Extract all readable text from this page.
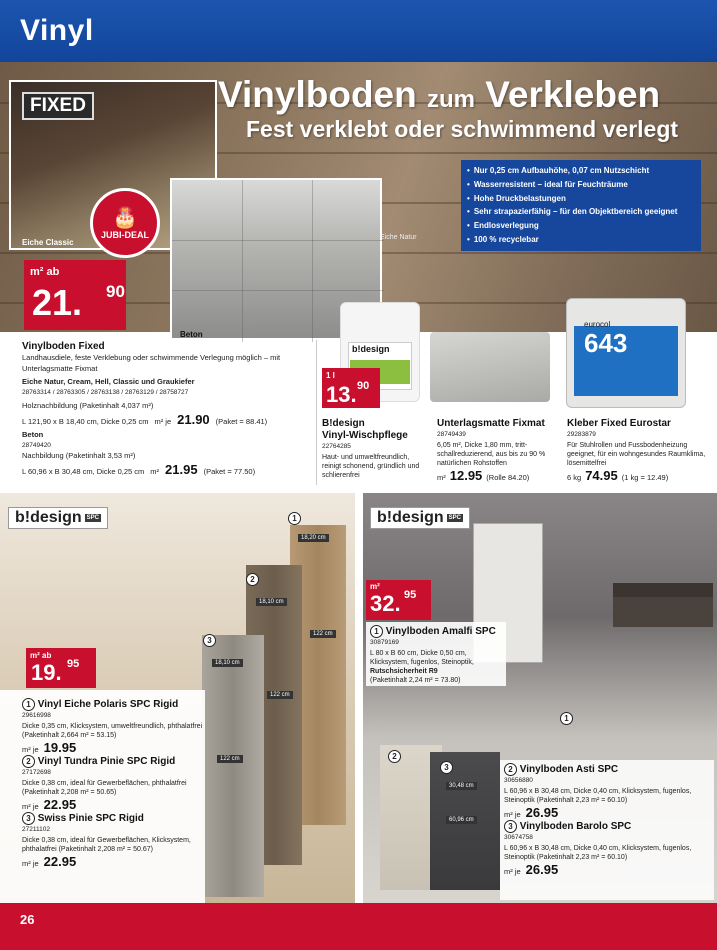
Vinyl
Vinylboden zum Verkleben
Fest verklebt oder schwimmend verlegt
• Nur 0,25 cm Aufbauhöhe, 0,07 cm Nutzschicht
• Wasserresistent – ideal für Feuchträume
• Hohe Druckbelastungen
• Sehr strapazierfähig – für den Objektbereich geeignet
• Endlosverlegung
• 100 % recyclebar
FIXED
Eiche Classic
Eiche Natur
Beton
🎂
JUBI-DEAL
m² ab
21. 90
Vinylboden Fixed
Landhausdiele, feste Verklebung oder schwimmende Verlegung möglich – mit Unterlagsmatte Fixmat
Eiche Natur, Cream, Hell, Classic und Graukiefer
28763314 / 28763305 / 28763138 / 28763129 / 28758727
Holznachbildung (Paketinhalt 4,037 m²)
L 121,90 x B 18,40 cm, Dicke 0,25 cm m² je 21.90 (Paket = 88.41)
Beton
28749420
Nachbildung (Paketinhalt 3,53 m²)
L 60,96 x B 30,48 cm, Dicke 0,25 cm m² 21.95 (Paket = 77.50)
b!design
1 l
13. 90
B!design
Vinyl-Wischpflege
22764285
Haut- und umweltfreundlich, reinigt schonend, gründlich und schlierenfrei
Unterlagsmatte Fixmat
28749439
6,05 m², Dicke 1,80 mm, tritt-schallreduzierend, aus bis zu 90 % natürlichen Rohstoffen
m² 12.95 (Rolle 84.20)
eurocol
643
Kleber Fixed Eurostar
29283879
Für Stuhlrollen und Fussbodenheizung geeignet, für ein wohngesundes Raumklima, lösemittelfrei
6 kg 74.95 (1 kg = 12.49)
b!design SPC	1
2
3
18,20 cm
18,10 cm
18,10 cm
122 cm
122 cm
122 cm
m² ab
19. 95
1 Vinyl Eiche Polaris SPC Rigid
29616998
Dicke 0,35 cm, Klicksystem, umweltfreundlich, phthalatfrei (Paketinhalt 2,664 m² = 53.15)
m² je 19.95
2 Vinyl Tundra Pinie SPC Rigid
27172698
Dicke 0,38 cm, ideal für Gewerbeflächen, phthalatfrei (Paketinhalt 2,208 m² = 50.65)
m² je 22.95
3 Swiss Pinie SPC Rigid
27211102
Dicke 0,38 cm, ideal für Gewerbeflächen, Klicksystem, phthalatfrei (Paketinhalt 2,208 m² = 50.67)
m² je 22.95
b!design SPC
1
2
3
30,48 cm
60,96 cm
m²
32. 95
1 Vinylboden Amalfi SPC
30879169
L 80 x B 60 cm, Dicke 0,50 cm, Klicksystem, fugenlos, Steinoptik, Rutschsicherheit R9
(Paketinhalt 2,24 m² = 73.80)
2 Vinylboden Asti SPC
30656880
L 60,96 x B 30,48 cm, Dicke 0,40 cm, Klicksystem, fugenlos, Steinoptik (Paketinhalt 2,23 m² = 60.10)
m² je 26.95
3 Vinylboden Barolo SPC
30674758
L 60,96 x B 30,48 cm, Dicke 0,40 cm, Klicksystem, fugenlos, Steinoptik (Paketinhalt 2,23 m² = 60.10)
m² je 26.95
26
